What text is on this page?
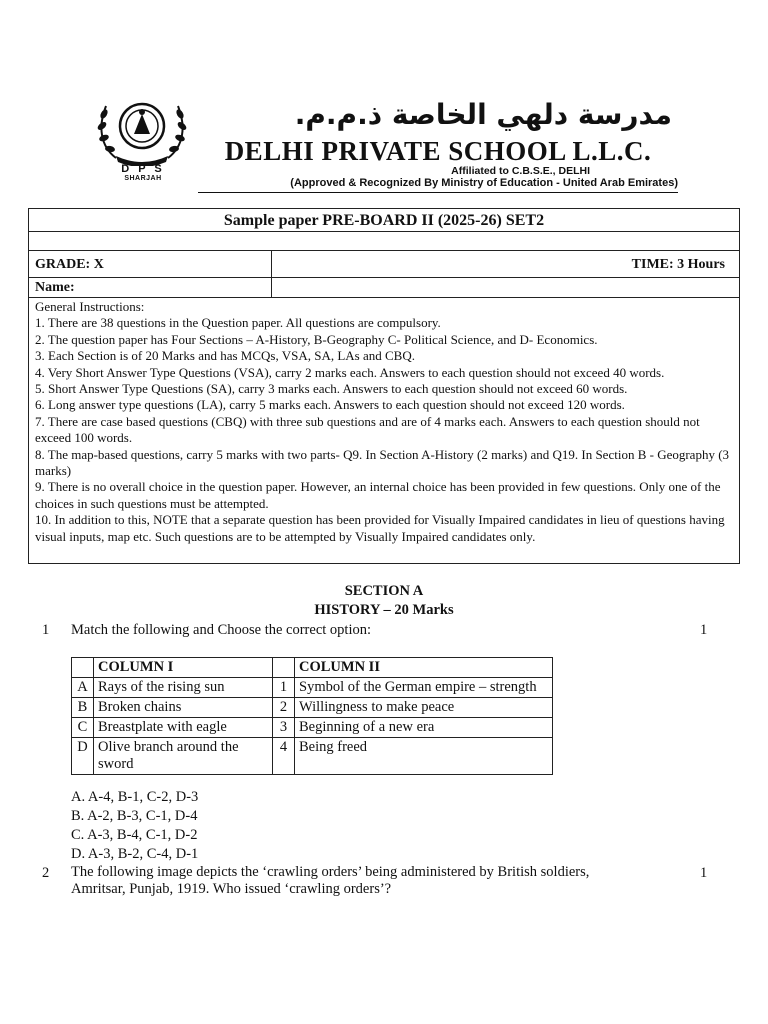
D P S
SHARJAH
مدرسة دلهي الخاصة ذ.م.م.
DELHI PRIVATE SCHOOL L.L.C.
Affiliated to C.B.S.E., DELHI
(Approved & Recognized By Ministry of Education - United Arab Emirates)
Sample paper PRE-BOARD II (2025-26) SET2
GRADE: X	TIME: 3 Hours
Name:

General Instructions:

1. There are 38 questions in the Question paper. All questions are compulsory.

2. The question paper has Four Sections – A-History, B-Geography C- Political Science, and D- Economics.

3. Each Section is of 20 Marks and has MCQs, VSA, SA, LAs and CBQ.

4. Very Short Answer Type Questions (VSA), carry 2 marks each. Answers to each question should not exceed 40 words.

5. Short Answer Type Questions (SA), carry 3 marks each. Answers to each question should not exceed 60 words.

6. Long answer type questions (LA), carry 5 marks each. Answers to each question should not exceed 120 words.

7. There are case based questions (CBQ) with three sub questions and are of 4 marks each. Answers to each question should not exceed 100 words.

8. The map-based questions, carry 5 marks with two parts- Q9. In Section A-History (2 marks) and Q19. In Section B - Geography (3 marks)

9. There is no overall choice in the question paper. However, an internal choice has been provided in few questions. Only one of the choices in such questions must be attempted.

10. In addition to this, NOTE that a separate question has been provided for Visually Impaired candidates in lieu of questions having visual inputs, map etc. Such questions are to be attempted by Visually Impaired candidates only.

SECTION A
HISTORY – 20 Marks
1 Match the following and Choose the correct option:	1
	COLUMN I		COLUMN II
A	Rays of the rising sun	1	Symbol of the German empire – strength
B	Broken chains	2	Willingness to make peace
C	Breastplate with eagle	3	Beginning of a new era
D	Olive branch around the sword	4	Being freed
A. A-4, B-1, C-2, D-3
B. A-2, B-3, C-1, D-4
C. A-3, B-4, C-1, D-2
D. A-3, B-2, C-4, D-1
2 The following image depicts the ‘crawling orders’ being administered by British soldiers,
Amritsar, Punjab, 1919. Who issued ‘crawling orders’?
1
